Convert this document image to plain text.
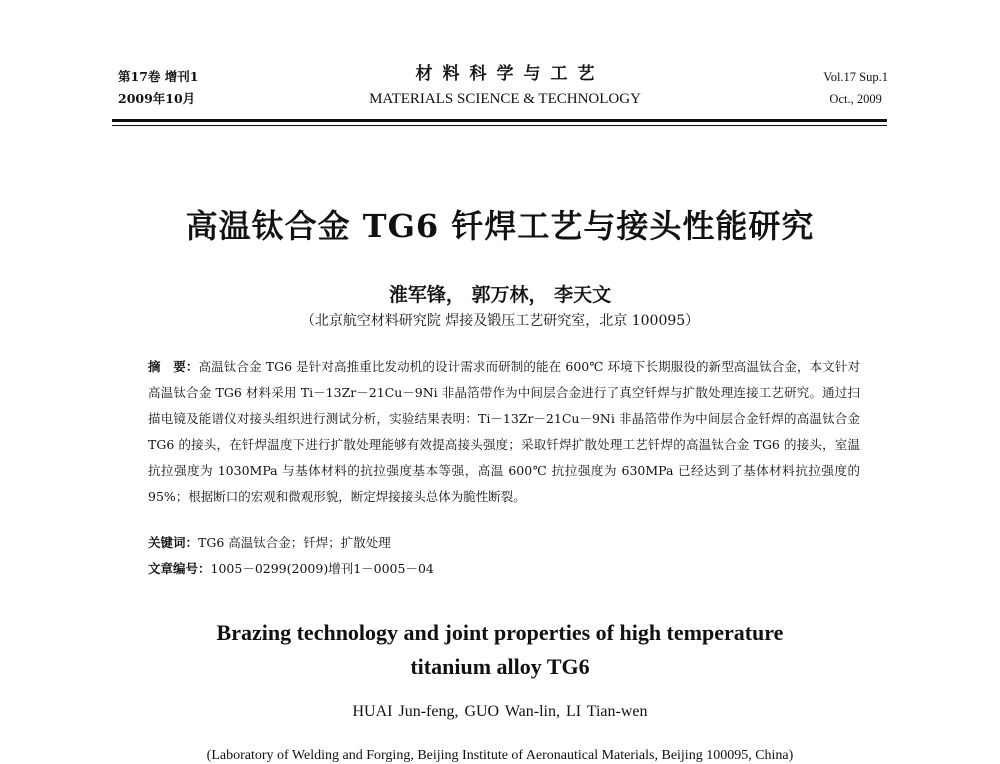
第17卷 增刊1
2009年10月
材料科学与工艺
MATERIALS SCIENCE & TECHNOLOGY
Vol.17 Sup.1
Oct., 2009
高温钛合金 TG6 钎焊工艺与接头性能研究
淮军锋， 郭万林， 李天文
（北京航空材料研究院 焊接及锻压工艺研究室，北京 100095）
摘　要：高温钛合金 TG6 是针对高推重比发动机的设计需求而研制的能在 600℃ 环境下长期服役的新型高温钛合金，本文针对高温钛合金 TG6 材料采用 Ti－13Zr－21Cu－9Ni 非晶箔带作为中间层合金进行了真空钎焊与扩散处理连接工艺研究。通过扫描电镜及能谱仪对接头组织进行测试分析，实验结果表明：Ti－13Zr－21Cu－9Ni 非晶箔带作为中间层合金钎焊的高温钛合金 TG6 的接头，在钎焊温度下进行扩散处理能够有效提高接头强度；采取钎焊扩散处理工艺钎焊的高温钛合金 TG6 的接头，室温抗拉强度为 1030MPa 与基体材料的抗拉强度基本等强，高温 600℃ 抗拉强度为 630MPa 已经达到了基体材料抗拉强度的 95%；根据断口的宏观和微观形貌，断定焊接接头总体为脆性断裂。
关键词：TG6 高温钛合金；钎焊；扩散处理
文章编号：1005－0299(2009)增刊1－0005－04
Brazing technology and joint properties of high temperature
titanium alloy TG6
HUAI Jun-feng, GUO Wan-lin, LI Tian-wen
(Laboratory of Welding and Forging, Beijing Institute of Aeronautical Materials, Beijing 100095, China)
